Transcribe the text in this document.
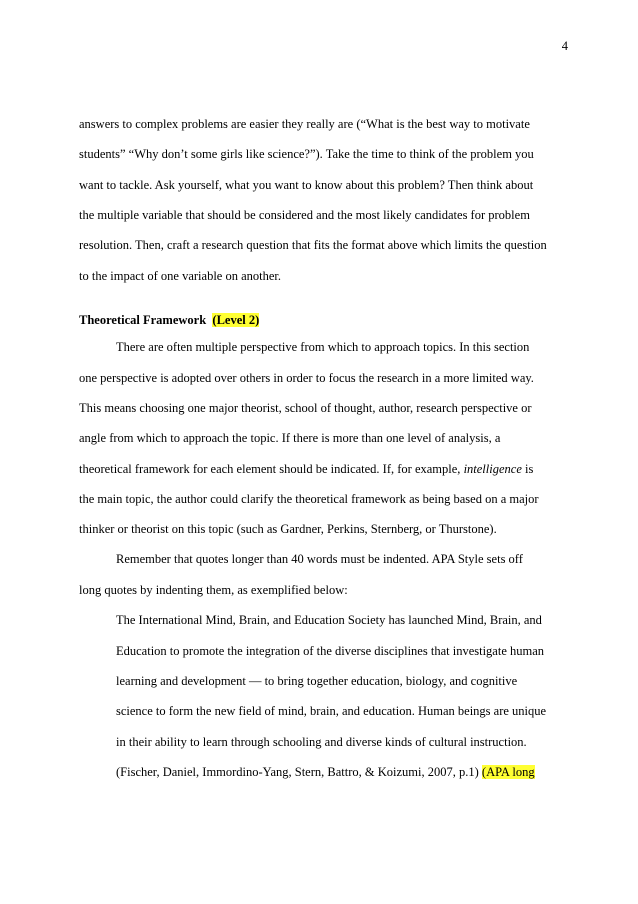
4
answers to complex problems are easier they really are (“What is the best way to motivate
students” “Why don’t some girls like science?”). Take the time to think of the problem you
want to tackle. Ask yourself, what you want to know about this problem? Then think about
the multiple variable that should be considered and the most likely candidates for problem
resolution. Then, craft a research question that fits the format above which limits the question
to the impact of one variable on another.
Theoretical Framework (Level 2)
There are often multiple perspective from which to approach topics. In this section
one perspective is adopted over others in order to focus the research in a more limited way.
This means choosing one major theorist, school of thought, author, research perspective or
angle from which to approach the topic. If there is more than one level of analysis, a
theoretical framework for each element should be indicated. If, for example, intelligence is
the main topic, the author could clarify the theoretical framework as being based on a major
thinker or theorist on this topic (such as Gardner, Perkins, Sternberg, or Thurstone).
Remember that quotes longer than 40 words must be indented. APA Style sets off
long quotes by indenting them, as exemplified below:
The International Mind, Brain, and Education Society has launched Mind, Brain, and
Education to promote the integration of the diverse disciplines that investigate human
learning and development — to bring together education, biology, and cognitive
science to form the new field of mind, brain, and education. Human beings are unique
in their ability to learn through schooling and diverse kinds of cultural instruction.
(Fischer, Daniel, Immordino-Yang, Stern, Battro, & Koizumi, 2007, p.1) (APA long
